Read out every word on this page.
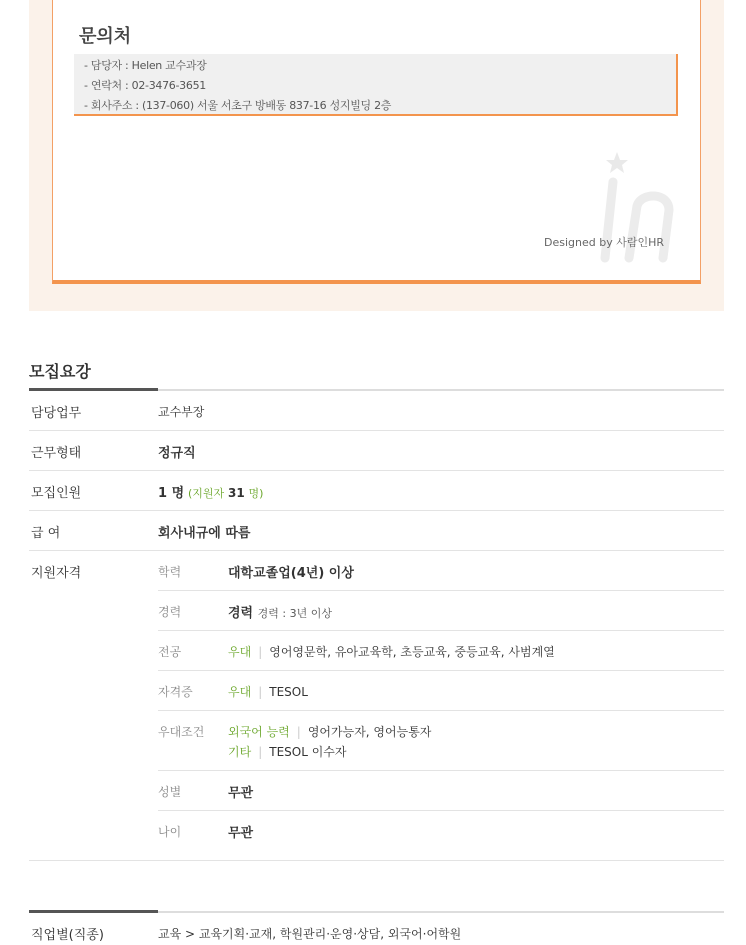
문의처
- 담당자 : Helen 교수과장
- 연락처 : 02-3476-3651
- 회사주소 : (137-060) 서울 서초구 방배동 837-16 성지빌딩 2층
Designed by 사람인HR
모집요강
담당업무	교수부장
근무형태	정규직
모집인원	1 명 (지원자 31 명)
급 여	회사내규에 따름
지원자격	학력	대학교졸업(4년) 이상
경력	경력 경력 : 3년 이상
전공	우대 | 영어영문학, 유아교육학, 초등교육, 중등교육, 사범계열
자격증	우대 | TESOL
우대조건 외국어 능력 | 영어가능자, 영어능통자
기타 | TESOL 이수자
성별	무관
나이	무관
직업별(직종)	교육 > 교육기획·교재, 학원관리·운영·상담, 외국어·어학원
